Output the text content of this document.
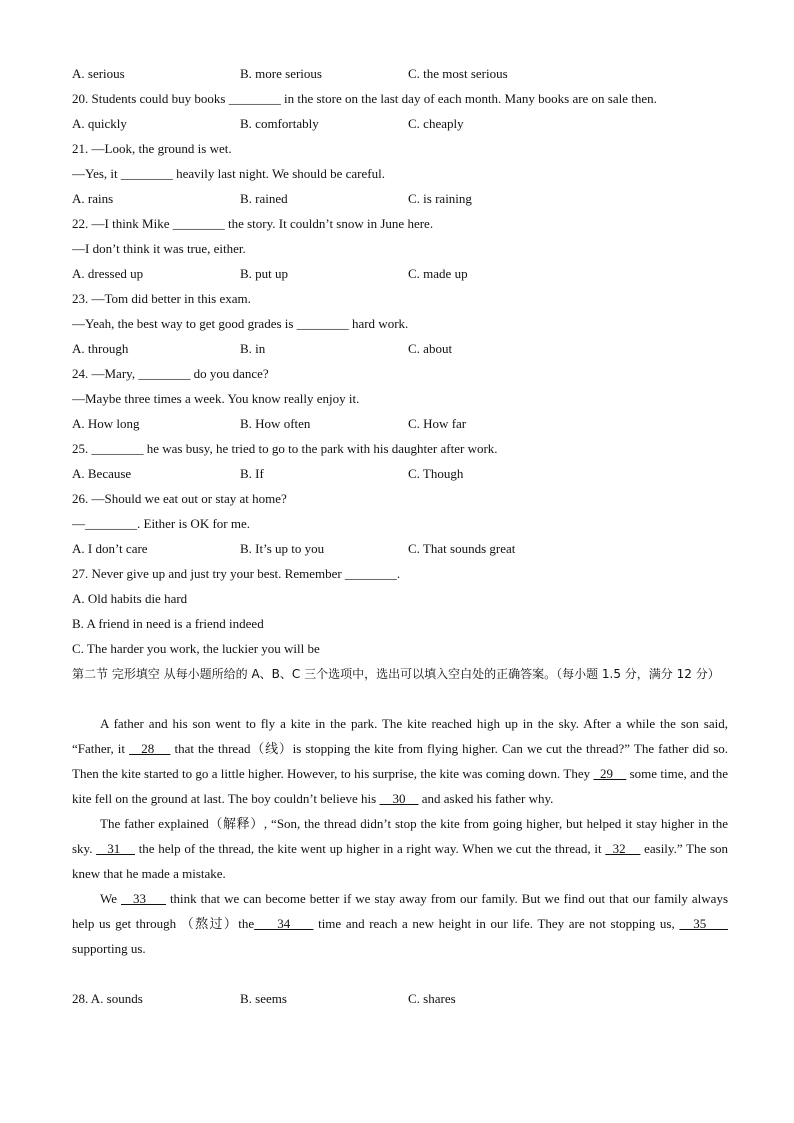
A. serious	B. more serious	C. the most serious
20. Students could buy books ________ in the store on the last day of each month. Many books are on sale then.
A. quickly	B. comfortably	C. cheaply
21. —Look, the ground is wet.
—Yes, it ________ heavily last night. We should be careful.
A. rains	B. rained	C. is raining
22. —I think Mike ________ the story. It couldn’t snow in June here.
—I don’t think it was true, either.
A. dressed up	B. put up	C. made up
23. —Tom did better in this exam.
—Yeah, the best way to get good grades is ________ hard work.
A. through	B. in	C. about
24. —Mary, ________ do you dance?
—Maybe three times a week. You know really enjoy it.
A. How long	B. How often	C. How far
25. ________ he was busy, he tried to go to the park with his daughter after work.
A. Because	B. If	C. Though
26. —Should we eat out or stay at home?
—________. Either is OK for me.
A. I don’t care	B. It’s up to you	C. That sounds great
27. Never give up and just try your best. Remember ________.
A. Old habits die hard
B. A friend in need is a friend indeed
C. The harder you work, the luckier you will be
第二节 完形填空 从每小题所给的 A、B、C 三个选项中，选出可以填入空白处的正确答案。（每小题 1.5 分，满分 12 分）

A father and his son went to fly a kite in the park. The kite reached high up in the sky. After a while the son said, “Father, it    28     that the thread（线）is stopping the kite from flying higher. Can we cut the thread?” The father did so. Then the kite started to go a little higher. However, to his surprise, the kite was coming down. They   29     some time, and the kite fell on the ground at last. The boy couldn’t believe his     30     and asked his father why.

The father explained（解释）, “Son, the thread didn’t stop the kite from going higher, but helped it stay higher in the sky.    31     the help of the thread, the kite went up higher in a right way. When we cut the thread, it   32     easily.” The son knew that he made a mistake.

We    33      think that we can become better if we stay away from our family. But we find out that our family always help us get through （熬过）the     34      time and reach a new height in our life. They are not stopping us,    35      supporting us.

28. A. sounds	B. seems	C. shares
